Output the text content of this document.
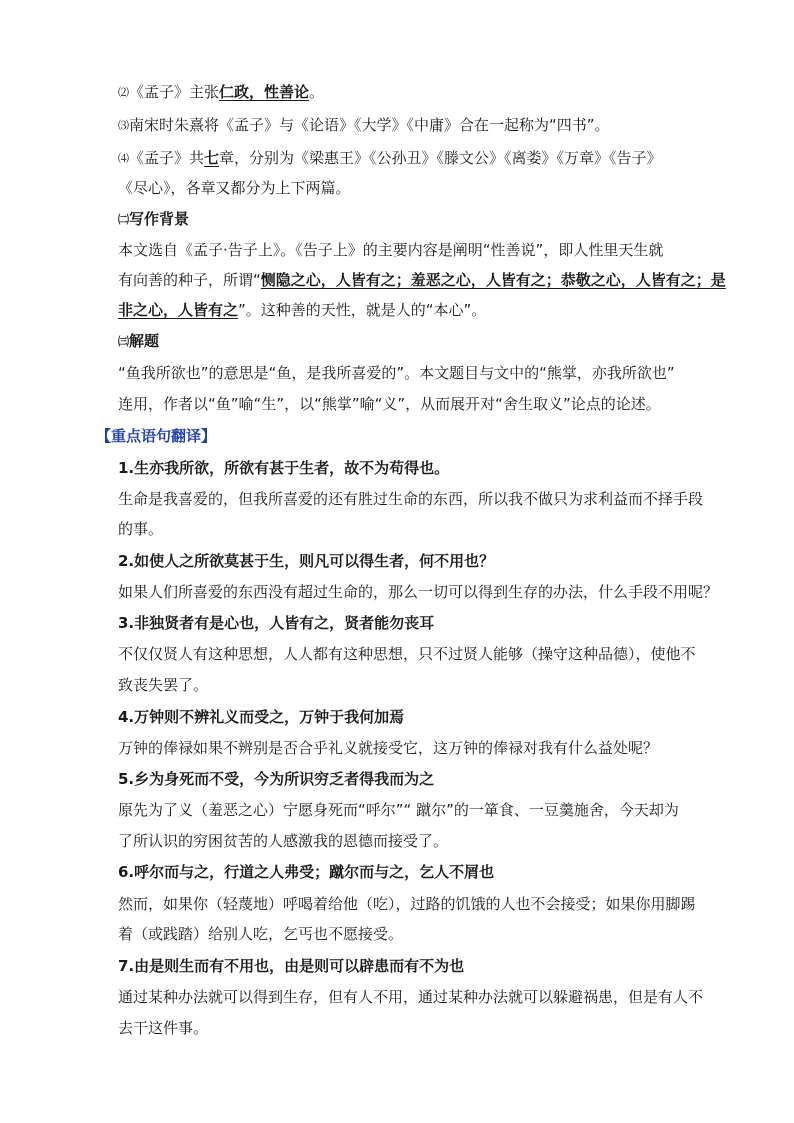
⑵《孟子》主张仁政，性善论。
⑶南宋时朱熹将《孟子》与《论语》《大学》《中庸》合在一起称为“四书”。
⑷《孟子》共七章，分别为《梁惠王》《公孙丑》《滕文公》《离娄》《万章》《告子》
《尽心》，各章又都分为上下两篇。
㈡写作背景
本文选自《孟子·告子上》。《告子上》的主要内容是阐明“性善说”，即人性里天生就
有向善的种子，所谓“恻隐之心，人皆有之；羞恶之心，人皆有之；恭敬之心，人皆有之；是
非之心，人皆有之”。这种善的天性，就是人的“本心”。
㈢解题
“鱼我所欲也”的意思是“鱼，是我所喜爱的”。本文题目与文中的“熊掌，亦我所欲也”
连用，作者以“鱼”喻“生”，以“熊掌”喻“义”，从而展开对“舍生取义”论点的论述。
【重点语句翻译】
1.生亦我所欲，所欲有甚于生者，故不为苟得也。
生命是我喜爱的，但我所喜爱的还有胜过生命的东西，所以我不做只为求利益而不择手段
的事。
2.如使人之所欲莫甚于生，则凡可以得生者，何不用也？
如果人们所喜爱的东西没有超过生命的，那么一切可以得到生存的办法，什么手段不用呢？
3.非独贤者有是心也，人皆有之，贤者能勿丧耳
不仅仅贤人有这种思想，人人都有这种思想，只不过贤人能够（操守这种品德），使他不
致丧失罢了。
4.万钟则不辨礼义而受之，万钟于我何加焉
万钟的俸禄如果不辨别是否合乎礼义就接受它，这万钟的俸禄对我有什么益处呢？
5.乡为身死而不受，今为所识穷乏者得我而为之
原先为了义（羞恶之心）宁愿身死而“呼尔”“ 蹴尔”的一箪食、一豆羹施舍，今天却为
了所认识的穷困贫苦的人感激我的恩德而接受了。
6.呼尔而与之，行道之人弗受；蹴尔而与之，乞人不屑也
然而，如果你（轻蔑地）呼喝着给他（吃），过路的饥饿的人也不会接受；如果你用脚踢
着（或践踏）给别人吃，乞丐也不愿接受。
7.由是则生而有不用也，由是则可以辟患而有不为也
通过某种办法就可以得到生存，但有人不用，通过某种办法就可以躲避祸患，但是有人不
去干这件事。
